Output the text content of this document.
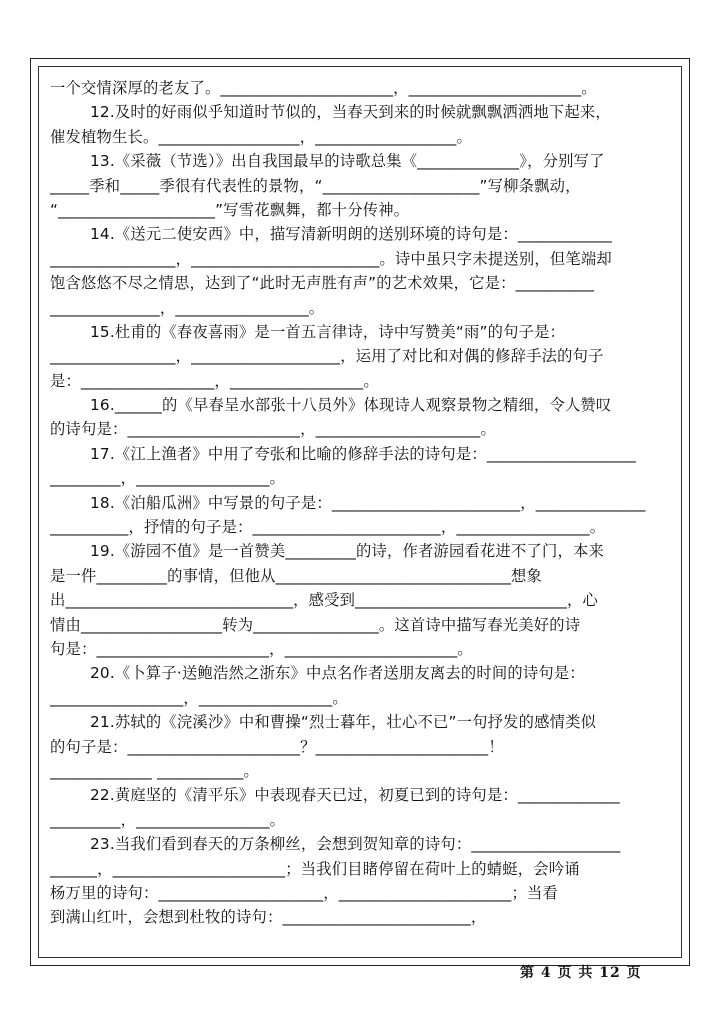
一个交情深厚的老友了。______________________，______________________。
12.及时的好雨似乎知道时节似的，当春天到来的时候就飘飘洒洒地下起来，
催发植物生长。__________________，__________________。
13.《采薇（节选）》出自我国最早的诗歌总集《_____________》，分别写了
_____季和_____季很有代表性的景物，“____________________”写柳条飘动，
“____________________”写雪花飘舞，都十分传神。
14.《送元二使安西》中，描写清新明朗的送别环境的诗句是：____________
________________，________________________。诗中虽只字未提送别，但笔端却
饱含悠悠不尽之情思，达到了“此时无声胜有声”的艺术效果，它是：__________
______________，_________________。
15.杜甫的《春夜喜雨》是一首五言律诗，诗中写赞美“雨”的句子是：
________________，___________________，运用了对比和对偶的修辞手法的句子
是：_________________，_________________。
16.______的《早春呈水部张十八员外》体现诗人观察景物之精细，令人赞叹
的诗句是：______________________，_____________________。
17.《江上渔者》中用了夸张和比喻的修辞手法的诗句是：___________________
_________，_________________。
18.《泊船瓜洲》中写景的句子是：________________________，______________
__________，抒情的句子是：________________________，_________________。
19.《游园不值》是一首赞美_________的诗，作者游园看花进不了门，本来
是一件_________的事情，但他从______________________________想象
出_____________________________，感受到___________________________，心
情由__________________转为________________。这首诗中描写春光美好的诗
句是：______________________，______________________。
20.《卜算子·送鲍浩然之浙东》中点名作者送朋友离去的时间的诗句是：
_________________，_________________。
21.苏轼的《浣溪沙》中和曹操“烈士暮年，壮心不已”一句抒发的感情类似
的句子是：______________________？______________________！
_____________ ___________。
22.黄庭坚的《清平乐》中表现春天已过，初夏已到的诗句是：_____________
_________，_________________。
23.当我们看到春天的万条柳丝，会想到贺知章的诗句：___________________
______，______________________；当我们目睹停留在荷叶上的蜻蜓，会吟诵
杨万里的诗句：_____________________，______________________；当看
到满山红叶，会想到杜牧的诗句：________________________，
第 4 页 共 12 页
